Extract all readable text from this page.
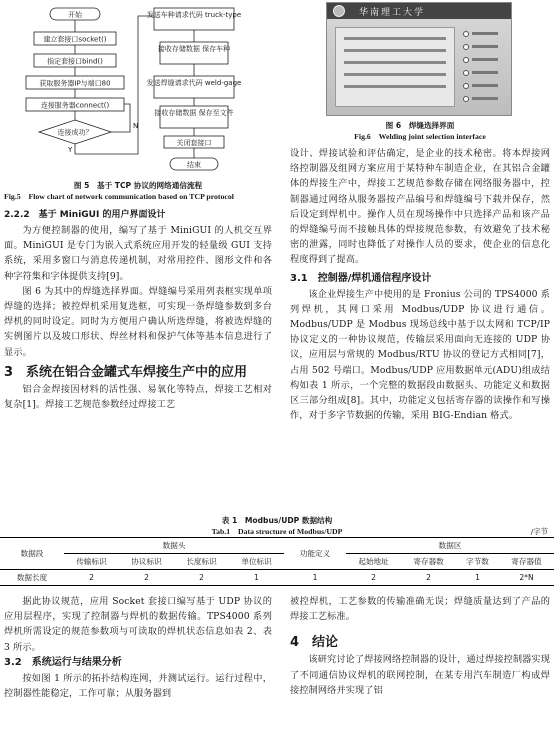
开始
建立套接口socket()
指定套接口bind()
获取服务器IP与端口80
连接服务器connect()
连接成功？
Y
N
发送车种请求代码 truck-type
接收存储数据 保存车种
发送焊缝请求代码 weld-gage
接收存储数据 保存至文件
关闭套接口
结束
华南理工大学
图 5　基于 TCP 协议的网络通信流程
Fig.5　Flow chart of network communication based on TCP protocol
2.2.2　基于 MiniGUI 的用户界面设计
为方便控制器的使用，编写了基于 MiniGUI 的人机交互界面。MiniGUI 是专门为嵌入式系统应用开发的轻量级 GUI 支持系统，采用多窗口与消息传递机制，对常用控件、图形文件和各种字符集和字体提供支持[9]。
图 6 为其中的焊缝选择界面。焊缝编号采用列表框实现单项焊缝的选择；被控焊机采用复选框，可实现一条焊缝参数到多台焊机的同时设定。同时为方便用户确认所选焊缝，将被选焊缝的实例图片以及坡口形状、焊丝材料和保护气体等基本信息进行了显示。
3　系统在铝合金罐式车焊接生产中的应用
铝合金焊接因材料的活性强、易氧化等特点，焊接工艺相对复杂[1]。焊接工艺规范参数经过焊接工艺
图 6　焊缝选择界面
Fig.6　Welding joint selection interface
设计、焊接试验和评估确定，是企业的技术秘密。将本焊接网络控制器及组网方案应用于某特种车制造企业，在其铝合金罐体的焊接生产中，焊接工艺规范参数存储在网络服务器中，控制器通过网络从服务器按产品编号和焊缝编号下载并保存，然后设定到焊机中。操作人员在现场操作中只选择产品和该产品的焊缝编号而不接触具体的焊接规范参数，有效避免了技术秘密的泄露，同时也降低了对操作人员的要求，使企业的信息化程度得到了提高。
3.1　控制器/焊机通信程序设计
该企业焊接生产中使用的是 Fronius 公司的 TPS4000 系列焊机，其网口采用 Modbus/UDP 协议进行通信。Modbus/UDP 是 Modbus 现场总线中基于以太网和 TCP/IP 协议定义的一种协议规范，传输层采用面向无连接的 UDP 协议，应用层与常规的 Modbus/RTU 协议的登记方式相同[7]，占用 502 号端口。Modbus/UDP 应用数据单元(ADU)组成结构如表 1 所示，一个完整的数据段由数据头、功能定义和数据区三部分组成[8]。其中，功能定义包括寄存器的读操作和写操作，对于多字节数据的传输，采用 BIG-Endian 格式。
表 1　Modbus/UDP 数据结构
Tab.1　Data structure of Modbus/UDP	/字节
数据段	数据头				功能定义	数据区			
	传输标识	协议标识	长度标识	单位标识		起始地址	寄存器数	字节数	寄存器值
数据长度	2	2	2	1	1	2	2	1	2*N
据此协议规范，应用 Socket 套接口编写基于 UDP 协议的应用层程序，实现了控制器与焊机的数据传输。TPS4000 系列焊机所需设定的规范参数项与可读取的焊机状态信息如表 2、表 3 所示。
3.2　系统运行与结果分析
按如图 1 所示的拓扑结构连网，并测试运行。运行过程中，控制器性能稳定，工作可靠；从服务器到
被控焊机，工艺参数的传输准确无误；焊缝质量达到了产品的焊接工艺标准。
4　结论
该研究讨论了焊接网络控制器的设计，通过焊接控制器实现了不同通信协议焊机的联网控制，在某专用汽车制造厂构成焊接控制网络并实现了铝
